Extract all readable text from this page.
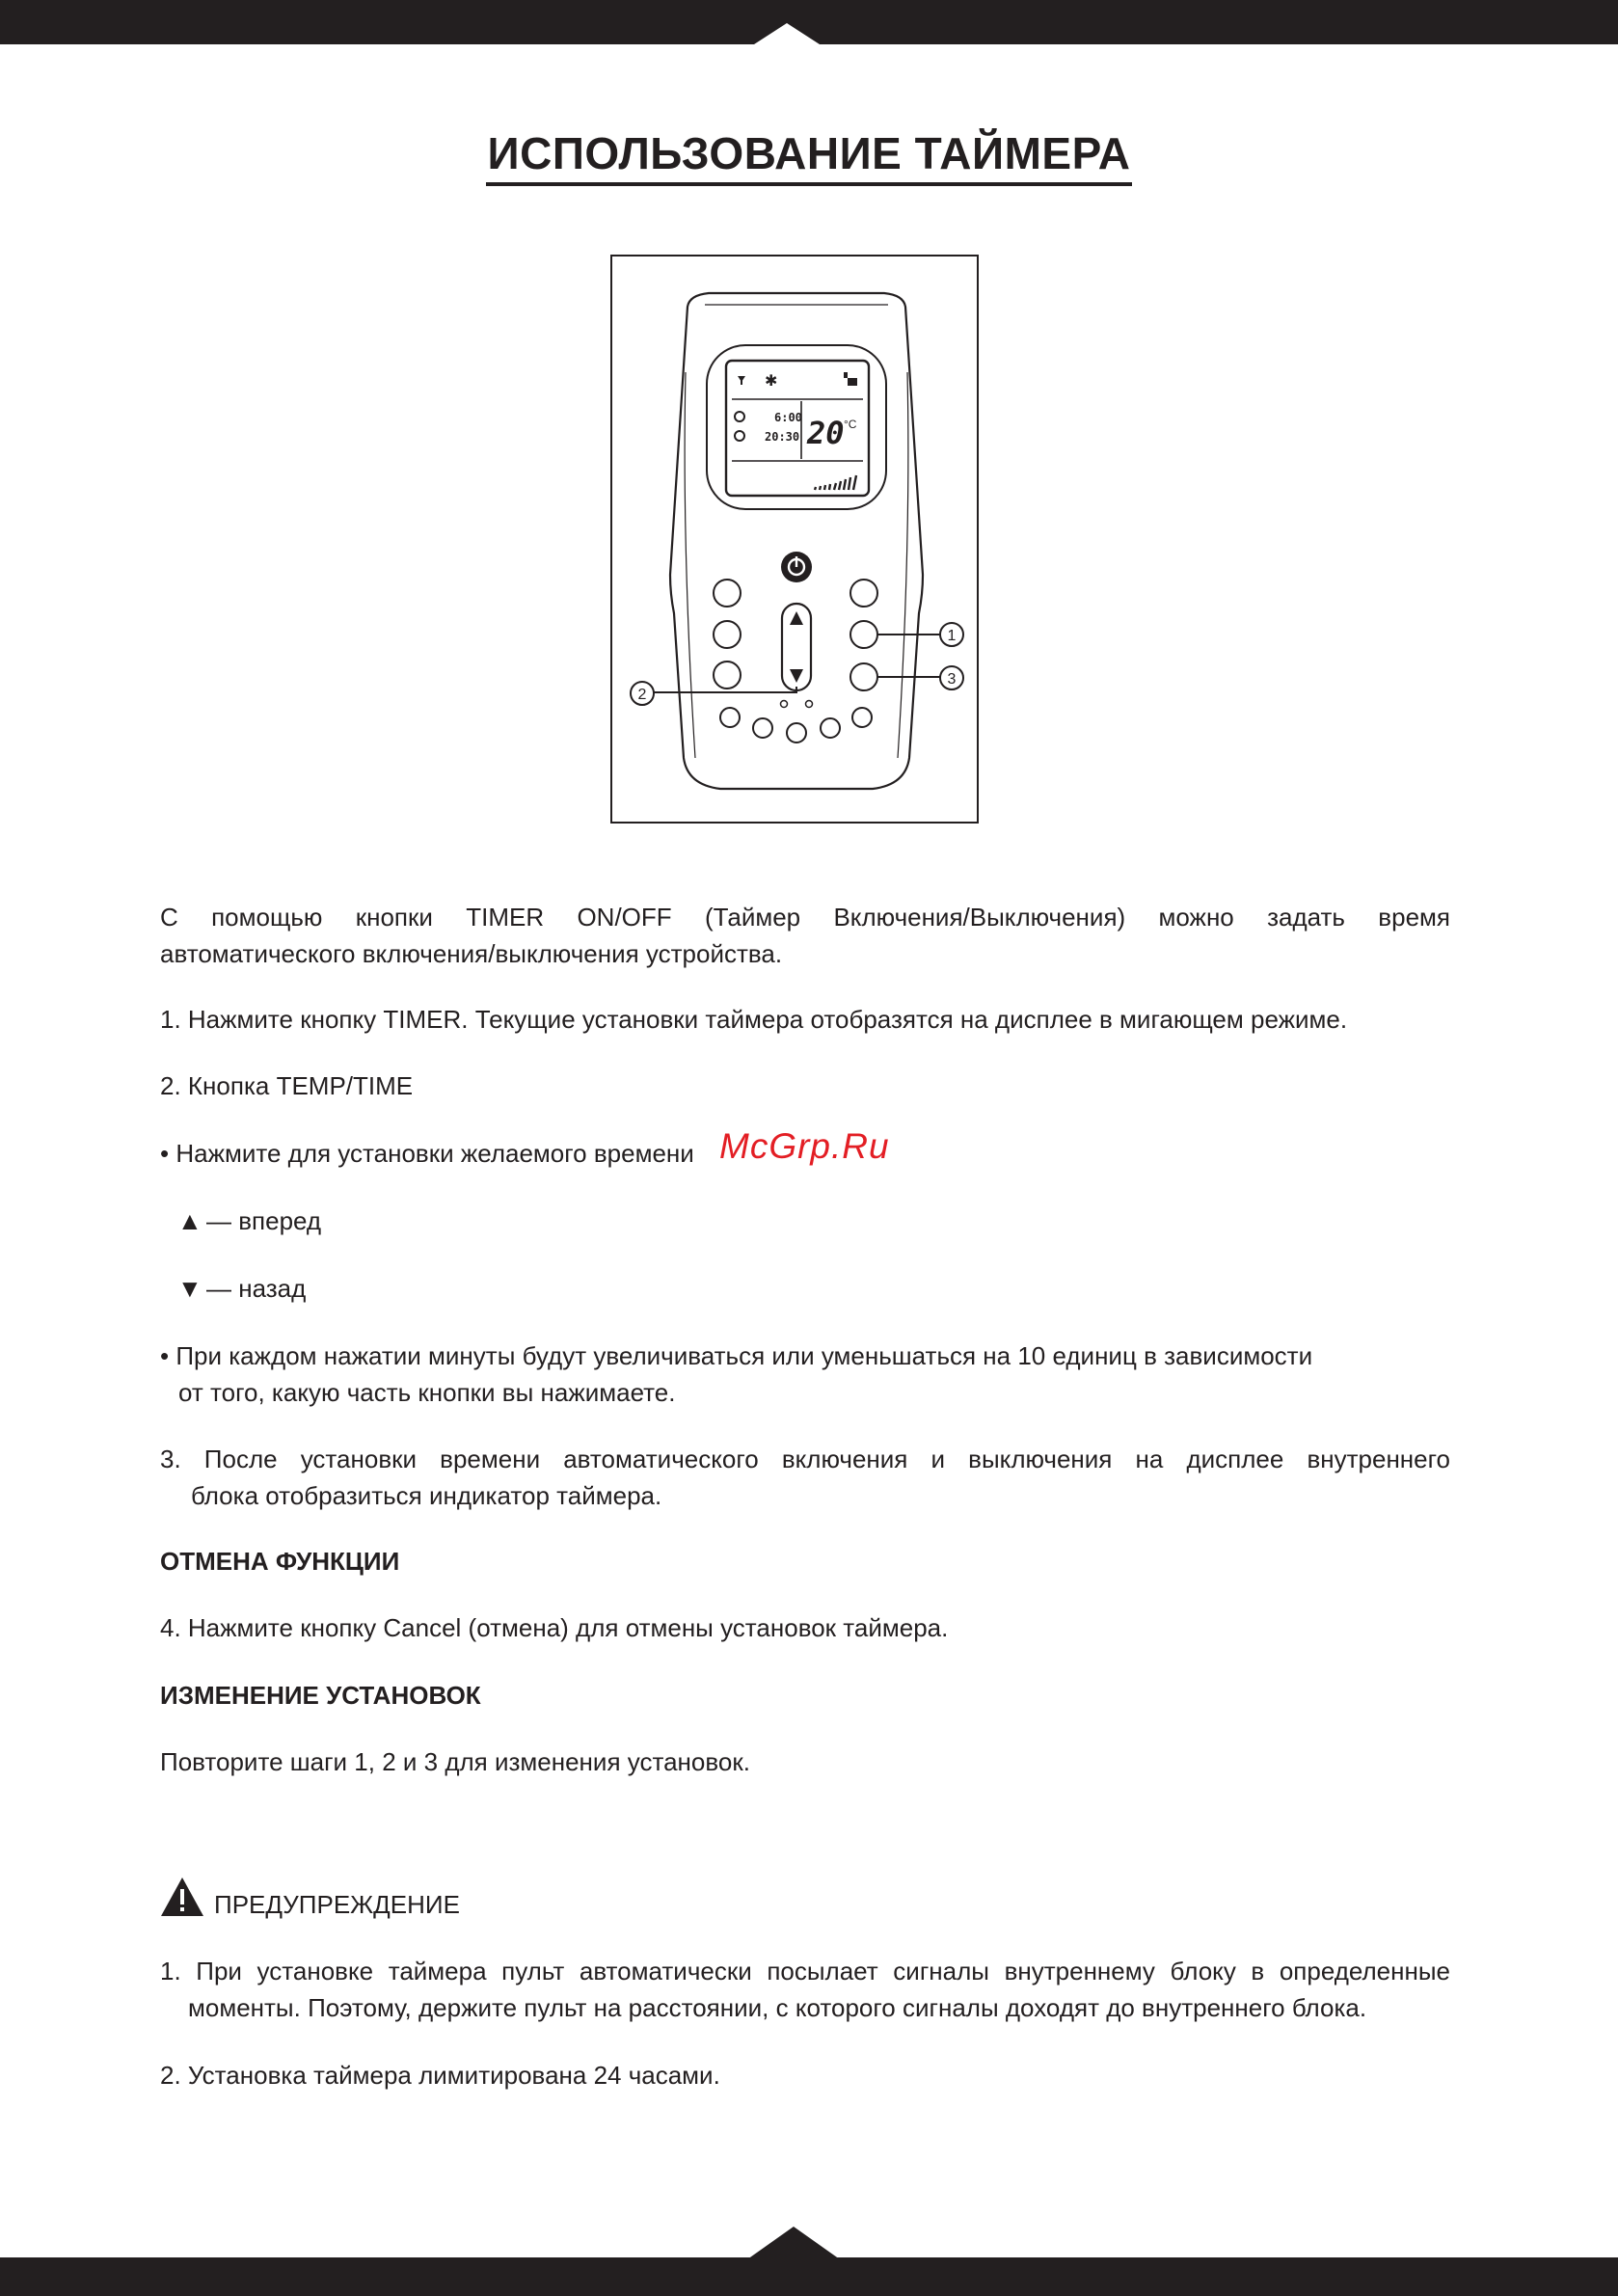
ИСПОЛЬЗОВАНИЕ ТАЙМЕРА
✱
6:00
20:30 20 °C
1
3
2
McGrp.Ru
С помощью кнопки TIMER ON/OFF (Таймер Включения/Выключения) можно задать время
автоматического включения/выключения устройства.
1. Нажмите кнопку TIMER. Текущие установки таймера отобразятся на дисплее в мигающем режиме.
2. Кнопка TEMP/TIME
• Нажмите для установки желаемого времени
▲ — вперед
▼ — назад
• При каждом нажатии минуты будут увеличиваться или уменьшаться на 10 единиц в зависимости
от того, какую часть кнопки вы нажимаете.
3. После установки времени автоматического включения и выключения на дисплее внутреннего
блока отобразиться индикатор таймера.
ОТМЕНА ФУНКЦИИ
4. Нажмите кнопку Cancel (отмена) для отмены установок таймера.
ИЗМЕНЕНИЕ УСТАНОВОК
Повторите шаги 1, 2 и 3 для изменения установок.
ПРЕДУПРЕЖДЕНИЕ
1. При установке таймера пульт автоматически посылает сигналы внутреннему блоку в определенные
моменты. Поэтому, держите пульт на расстоянии, с которого сигналы доходят до внутреннего блока.
2. Установка таймера лимитирована 24 часами.
